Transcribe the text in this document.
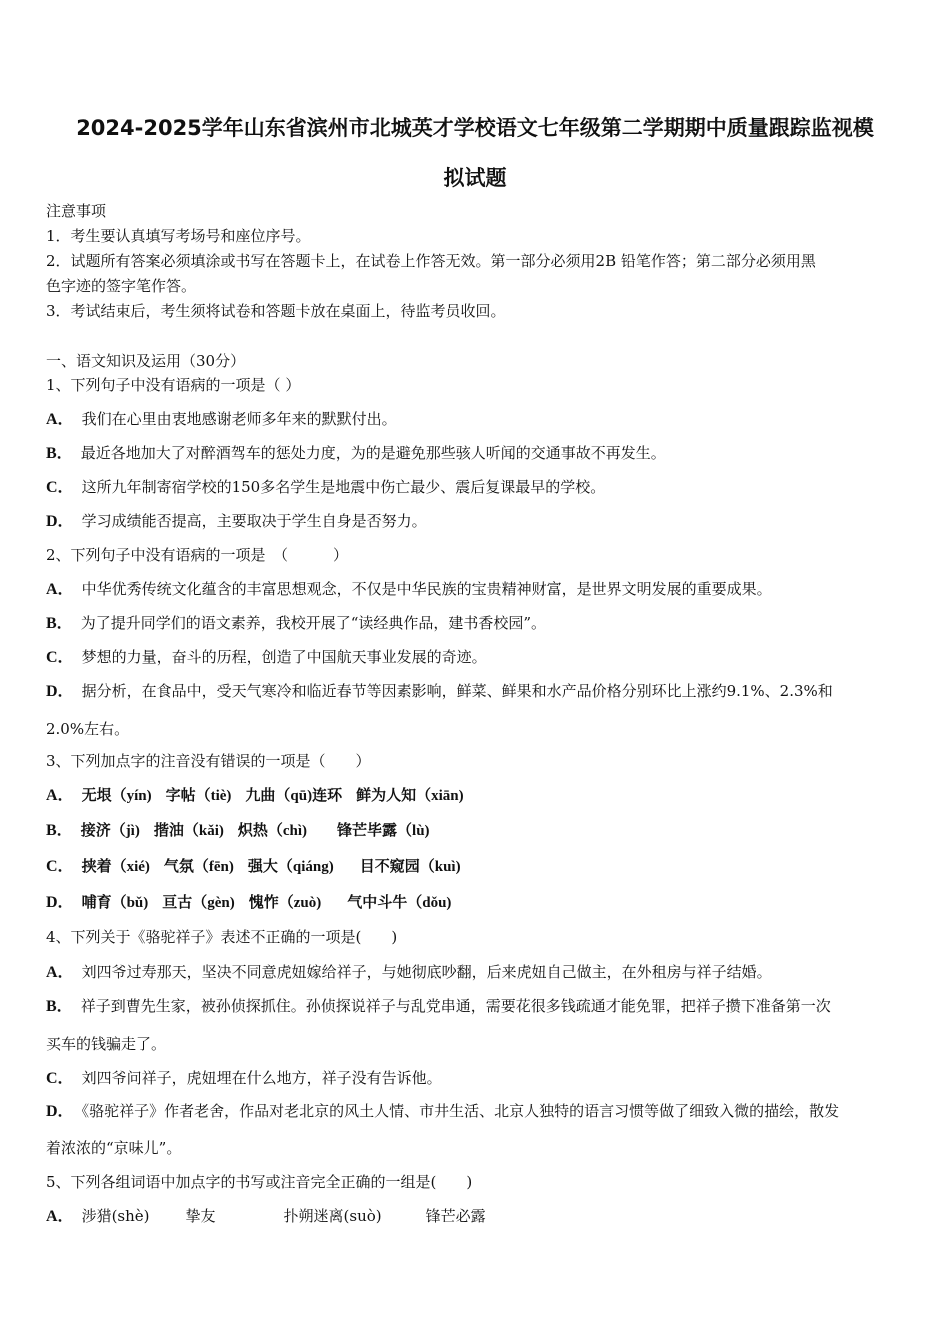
2024-2025学年山东省滨州市北城英才学校语文七年级第二学期期中质量跟踪监视模
拟试题
注意事项
1．考生要认真填写考场号和座位序号。
2．试题所有答案必须填涂或书写在答题卡上，在试卷上作答无效。第一部分必须用2B 铅笔作答；第二部分必须用黑
色字迹的签字笔作答。
3．考试结束后，考生须将试卷和答题卡放在桌面上，待监考员收回。
一、语文知识及运用（30分）
1、下列句子中没有语病的一项是（ ）
A． 我们在心里由衷地感谢老师多年来的默默付出。
B． 最近各地加大了对醉酒驾车的惩处力度，为的是避免那些骇人听闻的交通事故不再发生。
C． 这所九年制寄宿学校的150多名学生是地震中伤亡最少、震后复课最早的学校。
D． 学习成绩能否提高，主要取决于学生自身是否努力。
2、下列句子中没有语病的一项是　（　　　）
A． 中华优秀传统文化蕴含的丰富思想观念，不仅是中华民族的宝贵精神财富，是世界文明发展的重要成果。
B． 为了提升同学们的语文素养，我校开展了“读经典作品，建书香校园”。
C． 梦想的力量，奋斗的历程，创造了中国航天事业发展的奇迹。
D． 据分析，在食品中，受天气寒冷和临近春节等因素影响，鲜菜、鲜果和水产品价格分别环比上涨约9.1%、2.3%和
2.0%左右。
3、下列加点字的注音没有错误的一项是（　　）
A． 无垠（yín) 字帖（tiè) 九曲（qū)连环 鲜为人知（xiān)
B． 接济（jì) 揩油（kǎi) 炽热（chì) 锋芒毕露（lù)
C． 挟着（xié) 气氛（fēn) 强大（qiáng) 目不窥园（kuì)
D． 哺育（bǔ) 亘古（gèn) 愧怍（zuò) 气中斗牛（dǒu)
4、下列关于《骆驼祥子》表述不正确的一项是(　　)
A． 刘四爷过寿那天，坚决不同意虎妞嫁给祥子，与她彻底吵翻，后来虎妞自己做主，在外租房与祥子结婚。
B． 祥子到曹先生家，被孙侦探抓住。孙侦探说祥子与乱党串通，需要花很多钱疏通才能免罪，把祥子攒下准备第一次
买车的钱骗走了。
C． 刘四爷问祥子，虎妞埋在什么地方，祥子没有告诉他。
D． 《骆驼祥子》作者老舍，作品对老北京的风土人情、市井生活、北京人独特的语言习惯等做了细致入微的描绘，散发
着浓浓的“京味儿”。
5、下列各组词语中加点字的书写或注音完全正确的一组是(　　)
A． 涉猎(shè) 挚友	扑朔迷离(suò)	锋芒必露
